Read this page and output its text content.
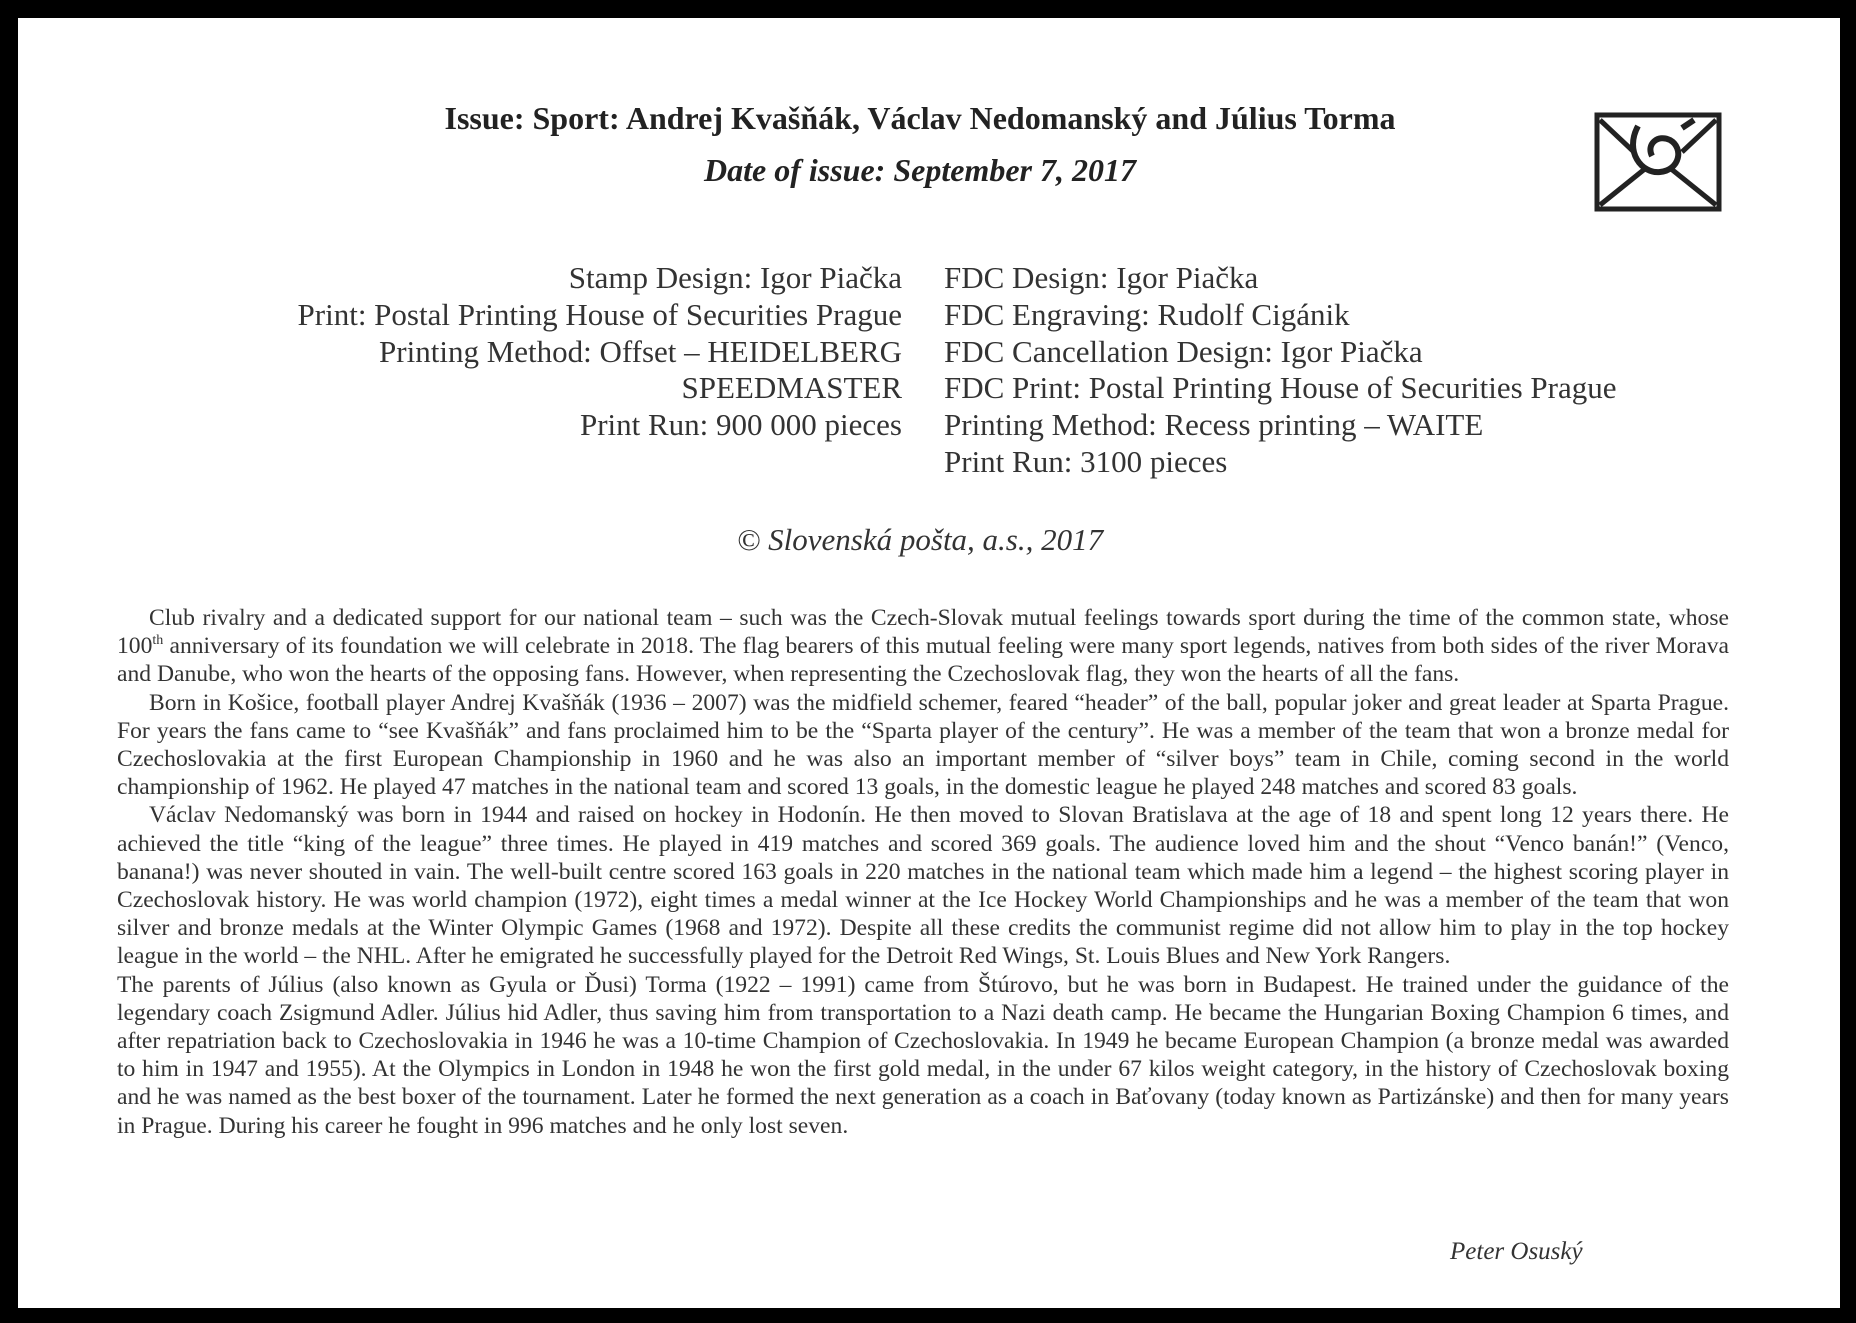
Issue: Sport: Andrej Kvašňák, Václav Nedomanský and Július Torma
Date of issue: September 7, 2017
Stamp Design: Igor Piačka
Print: Postal Printing House of Securities Prague
Printing Method: Offset – HEIDELBERG SPEEDMASTER
Print Run: 900 000 pieces
FDC Design: Igor Piačka
FDC Engraving: Rudolf Cigánik
FDC Cancellation Design: Igor Piačka
FDC Print: Postal Printing House of Securities Prague
Printing Method: Recess printing – WAITE
Print Run: 3100 pieces
© Slovenská pošta, a.s., 2017

Club rivalry and a dedicated support for our national team – such was the Czech-Slovak mutual feelings towards sport during the time of the common state, whose 100th anniversary of its foundation we will celebrate in 2018. The flag bearers of this mutual feeling were many sport legends, natives from both sides of the river Morava and Danube, who won the hearts of the opposing fans. However, when representing the Czechoslovak flag, they won the hearts of all the fans.

Born in Košice, football player Andrej Kvašňák (1936 – 2007) was the midfield schemer, feared “header” of the ball, popular joker and great leader at Sparta Prague. For years the fans came to “see Kvašňák” and fans proclaimed him to be the “Sparta player of the century”. He was a member of the team that won a bronze medal for Czechoslovakia at the first European Championship in 1960 and he was also an important member of “silver boys” team in Chile, coming second in the world championship of 1962. He played 47 matches in the national team and scored 13 goals, in the domestic league he played 248 matches and scored 83 goals.

Václav Nedomanský was born in 1944 and raised on hockey in Hodonín. He then moved to Slovan Bratislava at the age of 18 and spent long 12 years there. He achieved the title “king of the league” three times. He played in 419 matches and scored 369 goals. The audience loved him and the shout “Venco banán!” (Venco, banana!) was never shouted in vain. The well-built centre scored 163 goals in 220 matches in the national team which made him a legend – the highest scoring player in Czechoslovak history. He was world champion (1972), eight times a medal winner at the Ice Hockey World Championships and he was a member of the team that won silver and bronze medals at the Winter Olympic Games (1968 and 1972). Despite all these credits the communist regime did not allow him to play in the top hockey league in the world – the NHL. After he emigrated he successfully played for the Detroit Red Wings, St. Louis Blues and New York Rangers.

The parents of Július (also known as Gyula or Ďusi) Torma (1922 – 1991) came from Štúrovo, but he was born in Budapest. He trained under the guidance of the legendary coach Zsigmund Adler. Július hid Adler, thus saving him from transportation to a Nazi death camp. He became the Hungarian Boxing Champion 6 times, and after repatriation back to Czechoslovakia in 1946 he was a 10-time Champion of Czechoslovakia. In 1949 he became European Champion (a bronze medal was awarded to him in 1947 and 1955). At the Olympics in London in 1948 he won the first gold medal, in the under 67 kilos weight category, in the history of Czechoslovak boxing and he was named as the best boxer of the tournament. Later he formed the next generation as a coach in Baťovany (today known as Partizánske) and then for many years in Prague. During his career he fought in 996 matches and he only lost seven.

Peter Osuský
